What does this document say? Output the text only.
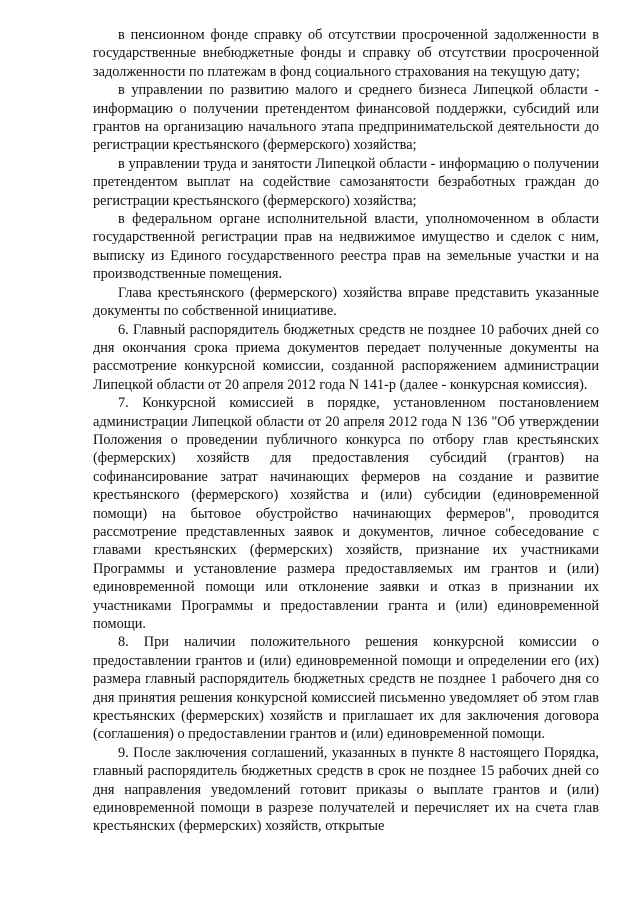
в пенсионном фонде справку об отсутствии просроченной задолженности в государственные внебюджетные фонды и справку об отсутствии просроченной задолженности по платежам в фонд социального страхования на текущую дату;

в управлении по развитию малого и среднего бизнеса Липецкой области - информацию о получении претендентом финансовой поддержки, субсидий или грантов на организацию начального этапа предпринимательской деятельности до регистрации крестьянского (фермерского) хозяйства;

в управлении труда и занятости Липецкой области - информацию о получении претендентом выплат на содействие самозанятости безработных граждан до регистрации крестьянского (фермерского) хозяйства;

в федеральном органе исполнительной власти, уполномоченном в области государственной регистрации прав на недвижимое имущество и сделок с ним, выписку из Единого государственного реестра прав на земельные участки и на производственные помещения.

Глава крестьянского (фермерского) хозяйства вправе представить указанные документы по собственной инициативе.

6. Главный распорядитель бюджетных средств не позднее 10 рабочих дней со дня окончания срока приема документов передает полученные документы на рассмотрение конкурсной комиссии, созданной распоряжением администрации Липецкой области от 20 апреля 2012 года N 141-р (далее - конкурсная комиссия).

7. Конкурсной комиссией в порядке, установленном постановлением администрации Липецкой области от 20 апреля 2012 года N 136 "Об утверждении Положения о проведении публичного конкурса по отбору глав крестьянских (фермерских) хозяйств для предоставления субсидий (грантов) на софинансирование затрат начинающих фермеров на создание и развитие крестьянского (фермерского) хозяйства и (или) субсидии (единовременной помощи) на бытовое обустройство начинающих фермеров", проводится рассмотрение представленных заявок и документов, личное собеседование с главами крестьянских (фермерских) хозяйств, признание их участниками Программы и установление размера предоставляемых им грантов и (или) единовременной помощи или отклонение заявки и отказ в признании их участниками Программы и предоставлении гранта и (или) единовременной помощи.

8. При наличии положительного решения конкурсной комиссии о предоставлении грантов и (или) единовременной помощи и определении его (их) размера главный распорядитель бюджетных средств не позднее 1 рабочего дня со дня принятия решения конкурсной комиссией письменно уведомляет об этом глав крестьянских (фермерских) хозяйств и приглашает их для заключения договора (соглашения) о предоставлении грантов и (или) единовременной помощи.

9. После заключения соглашений, указанных в пункте 8 настоящего Порядка, главный распорядитель бюджетных средств в срок не позднее 15 рабочих дней со дня направления уведомлений готовит приказы о выплате грантов и (или) единовременной помощи в разрезе получателей и перечисляет их на счета глав крестьянских (фермерских) хозяйств, открытые
